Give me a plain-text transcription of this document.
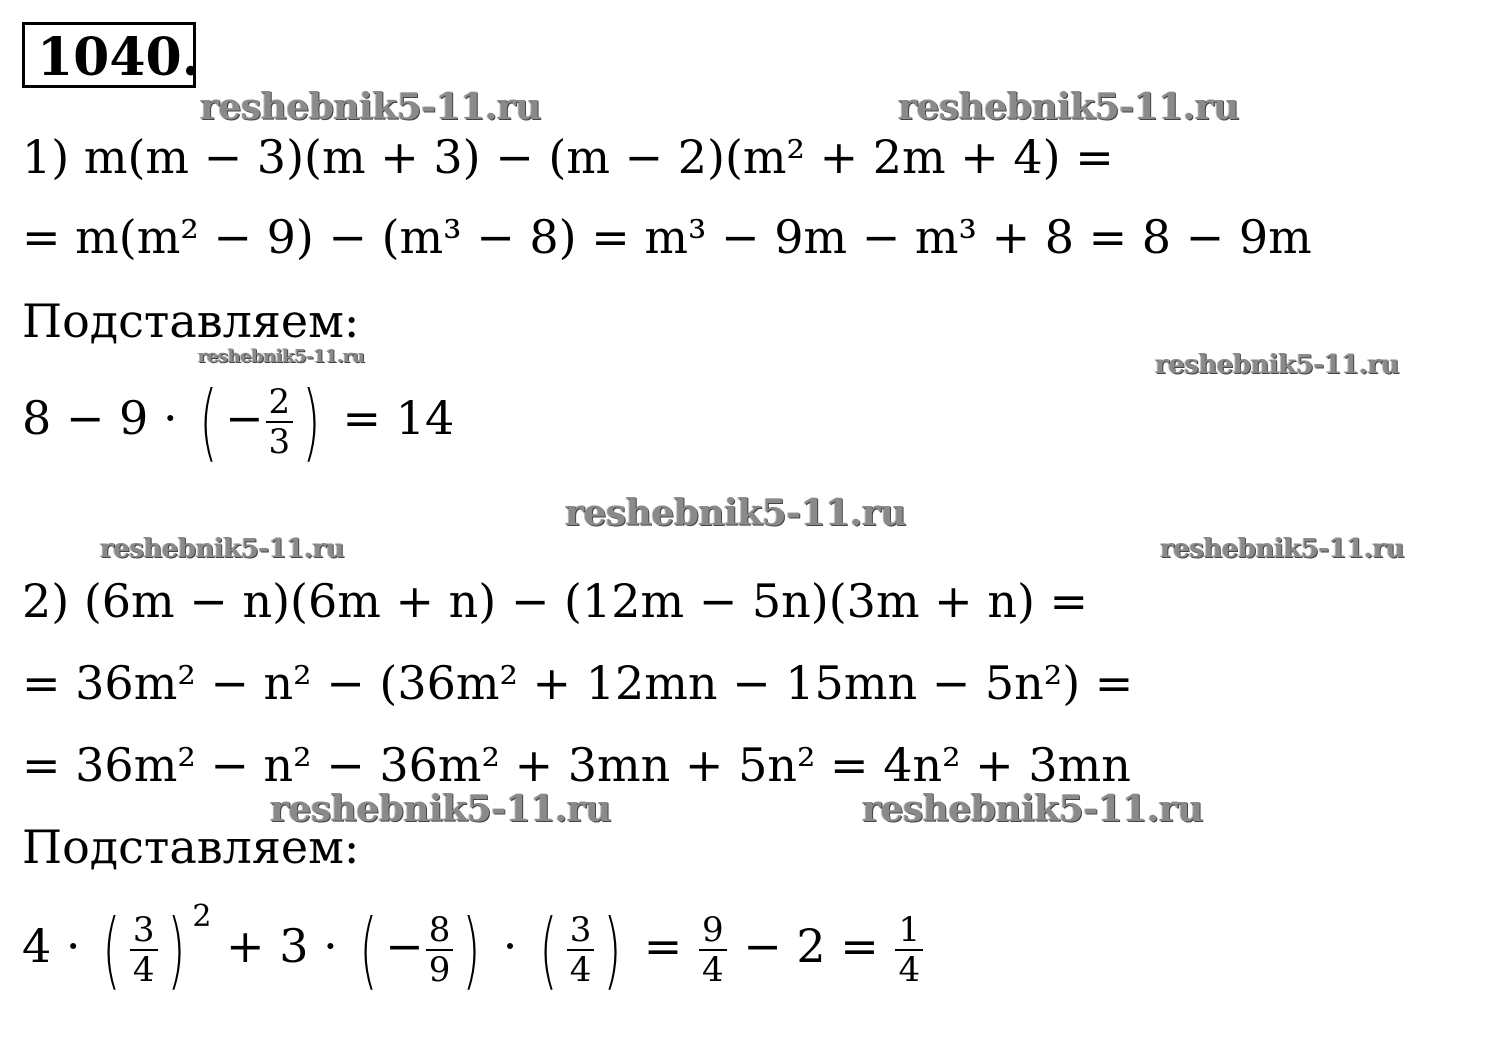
1040.
reshebnik5-11.ru	reshebnik5-11.ru
reshebnik5-11.ru	reshebnik5-11.ru
reshebnik5-11.ru
reshebnik5-11.ru	reshebnik5-11.ru
reshebnik5-11.ru	reshebnik5-11.ru
1) m(m − 3)(m + 3) − (m − 2)(m² + 2m + 4) =
= m(m² − 9) − (m³ − 8) = m³ − 9m − m³ + 8 = 8 − 9m
Подставляем:
8 − 9 · ( − $\frac{2}{3}$ ) = 14
2) (6m − n)(6m + n) − (12m − 5n)(3m + n) =
= 36m² − n² − (36m² + 12mn − 15mn − 5n²) =
= 36m² − n² − 36m² + 3mn + 5n² = 4n² + 3mn
Подставляем:
4 · ( $\frac{3}{4}$ ) $^2$ + 3 · ( − $\frac{8}{9}$ ) · ( $\frac{3}{4}$ ) = $\frac{9}{4} - 2 = \frac{1}{4}$
